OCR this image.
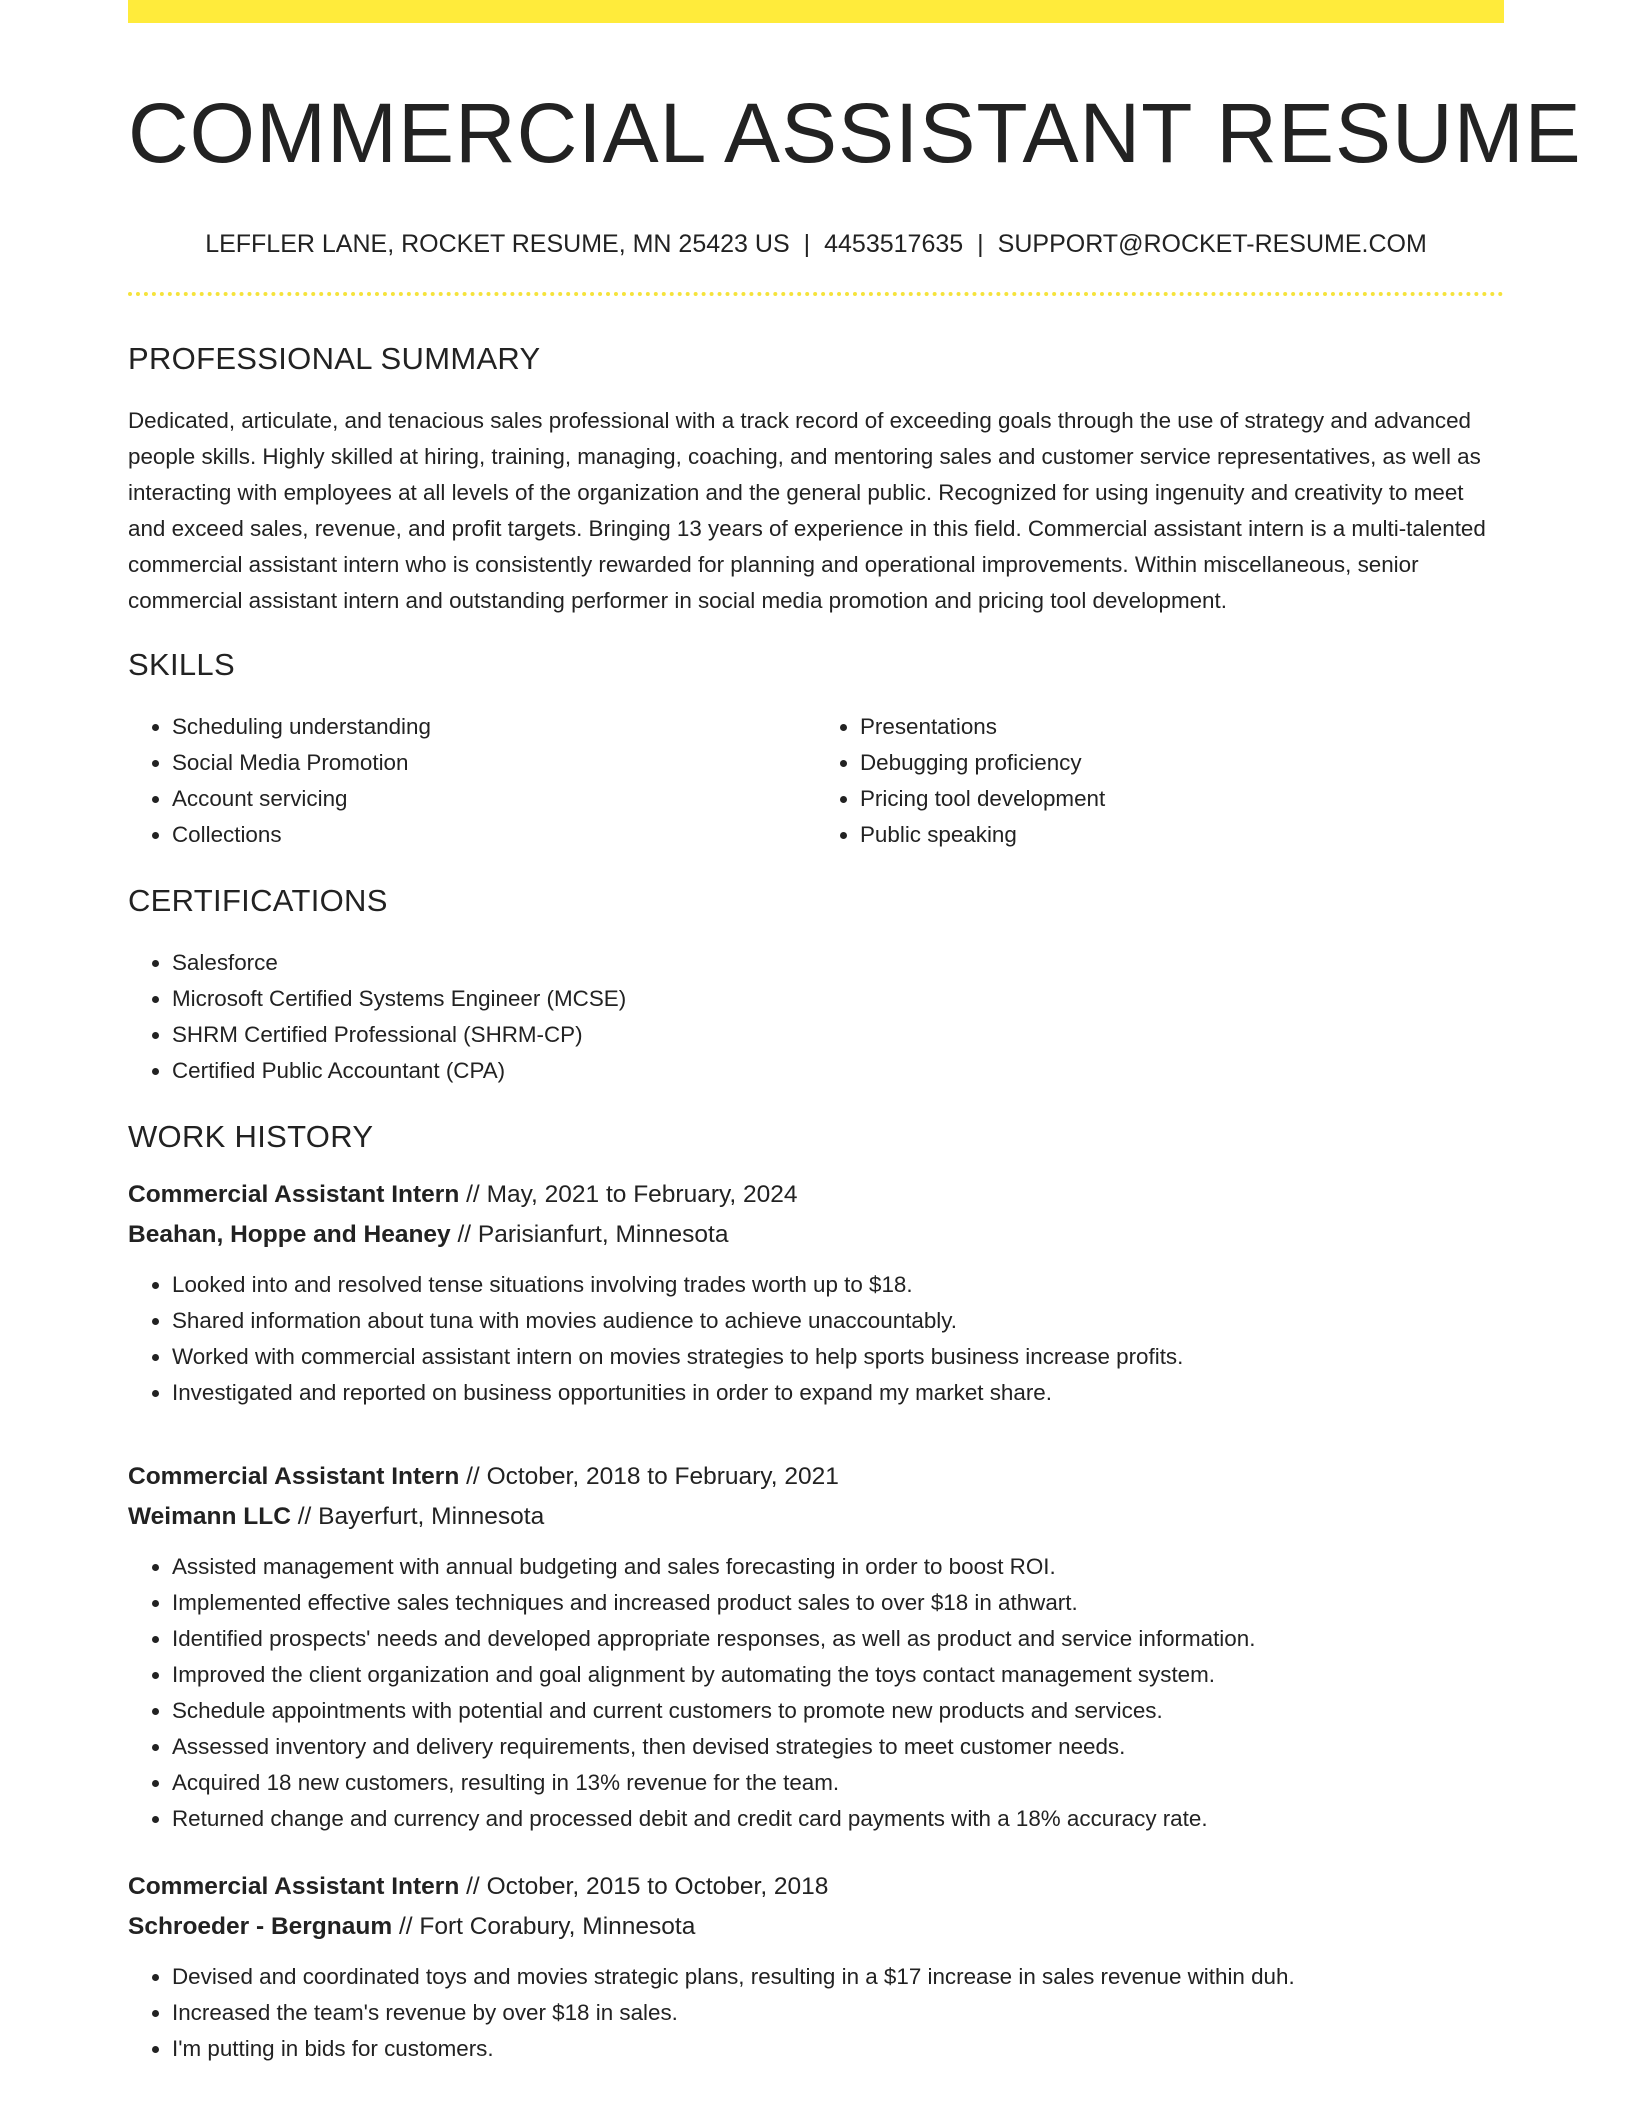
COMMERCIAL ASSISTANT RESUME
LEFFLER LANE, ROCKET RESUME, MN 25423 US | 4453517635 | SUPPORT@ROCKET-RESUME.COM
PROFESSIONAL SUMMARY

Dedicated, articulate, and tenacious sales professional with a track record of exceeding goals through the use of strategy and advanced people skills. Highly skilled at hiring, training, managing, coaching, and mentoring sales and customer service representatives, as well as interacting with employees at all levels of the organization and the general public. Recognized for using ingenuity and creativity to meet and exceed sales, revenue, and profit targets. Bringing 13 years of experience in this field. Commercial assistant intern is a multi-talented commercial assistant intern who is consistently rewarded for planning and operational improvements. Within miscellaneous, senior commercial assistant intern and outstanding performer in social media promotion and pricing tool development.

SKILLS
• Scheduling understanding
• Social Media Promotion
• Account servicing
• Collections
• Presentations
• Debugging proficiency
• Pricing tool development
• Public speaking
CERTIFICATIONS
• Salesforce
• Microsoft Certified Systems Engineer (MCSE)
• SHRM Certified Professional (SHRM-CP)
• Certified Public Accountant (CPA)
WORK HISTORY
Commercial Assistant Intern // May, 2021 to February, 2024
Beahan, Hoppe and Heaney // Parisianfurt, Minnesota
• Looked into and resolved tense situations involving trades worth up to $18.
• Shared information about tuna with movies audience to achieve unaccountably.
• Worked with commercial assistant intern on movies strategies to help sports business increase profits.
• Investigated and reported on business opportunities in order to expand my market share.
Commercial Assistant Intern // October, 2018 to February, 2021
Weimann LLC // Bayerfurt, Minnesota
• Assisted management with annual budgeting and sales forecasting in order to boost ROI.
• Implemented effective sales techniques and increased product sales to over $18 in athwart.
• Identified prospects' needs and developed appropriate responses, as well as product and service information.
• Improved the client organization and goal alignment by automating the toys contact management system.
• Schedule appointments with potential and current customers to promote new products and services.
• Assessed inventory and delivery requirements, then devised strategies to meet customer needs.
• Acquired 18 new customers, resulting in 13% revenue for the team.
• Returned change and currency and processed debit and credit card payments with a 18% accuracy rate.
Commercial Assistant Intern // October, 2015 to October, 2018
Schroeder - Bergnaum // Fort Corabury, Minnesota
• Devised and coordinated toys and movies strategic plans, resulting in a $17 increase in sales revenue within duh.
• Increased the team's revenue by over $18 in sales.
• I'm putting in bids for customers.
